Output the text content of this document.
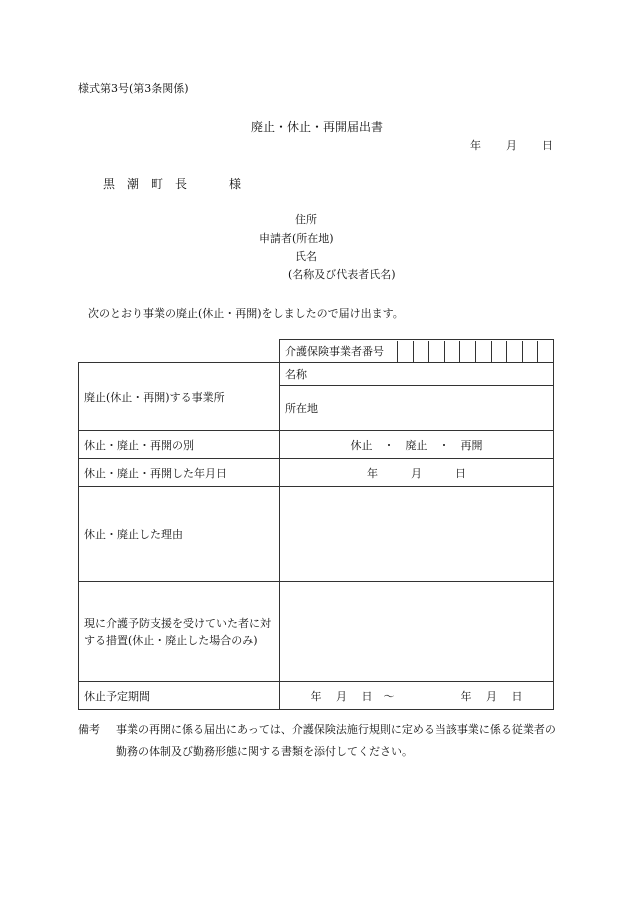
様式第3号(第3条関係)
廃止・休止・再開届出書
年 月 日
黒　潮　町　長	様
住所
申請者(所在地)
氏名
(名称及び代表者氏名)
次のとおり事業の廃止(休止・再開)をしましたので届け出ます。

	介護保険事業者番号

廃止(休止・再開)する事業所	名称
	所在地
休止・廃止・再開の別	休止　・　廃止　・　再開
休止・廃止・再開した年月日	年　　　月　　　日
休止・廃止した理由	
現に介護予防支援を受けていた者に対する措置(休止・廃止した場合のみ)	
休止予定期間	年　 月　 日　～　　　　　　年　 月　 日
備考	事業の再開に係る届出にあっては、介護保険法施行規則に定める当該事業に係る従業者の勤務の体制及び勤務形態に関する書類を添付してください。
